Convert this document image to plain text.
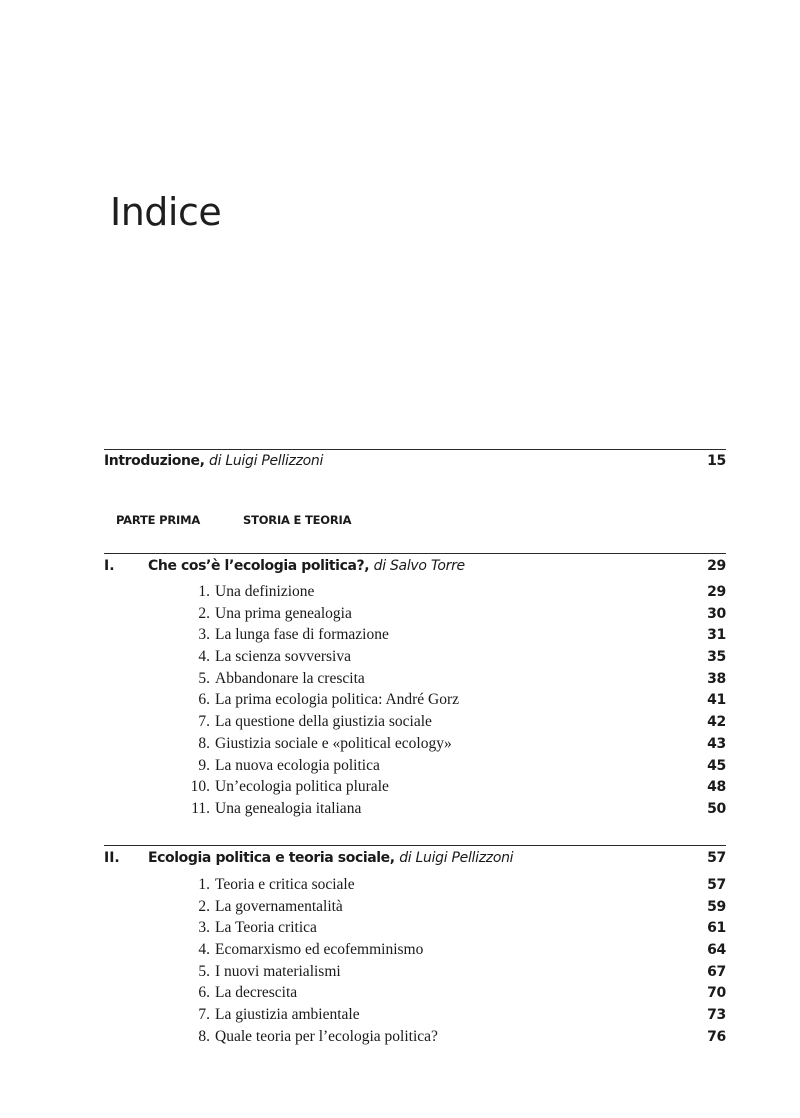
Indice
Introduzione, di Luigi Pellizzoni	15
PARTE PRIMA	STORIA E TEORIA
I. Che cos’è l’ecologia politica?, di Salvo Torre	29
1. Una definizione	29
2. Una prima genealogia	30
3. La lunga fase di formazione	31
4. La scienza sovversiva	35
5. Abbandonare la crescita	38
6. La prima ecologia politica: André Gorz	41
7. La questione della giustizia sociale	42
8. Giustizia sociale e «political ecology»	43
9. La nuova ecologia politica	45
10. Un’ecologia politica plurale	48
11. Una genealogia italiana	50
II. Ecologia politica e teoria sociale, di Luigi Pellizzoni	57
1. Teoria e critica sociale	57
2. La governamentalità	59
3. La Teoria critica	61
4. Ecomarxismo ed ecofemminismo	64
5. I nuovi materialismi	67
6. La decrescita	70
7. La giustizia ambientale	73
8. Quale teoria per l’ecologia politica?	76
